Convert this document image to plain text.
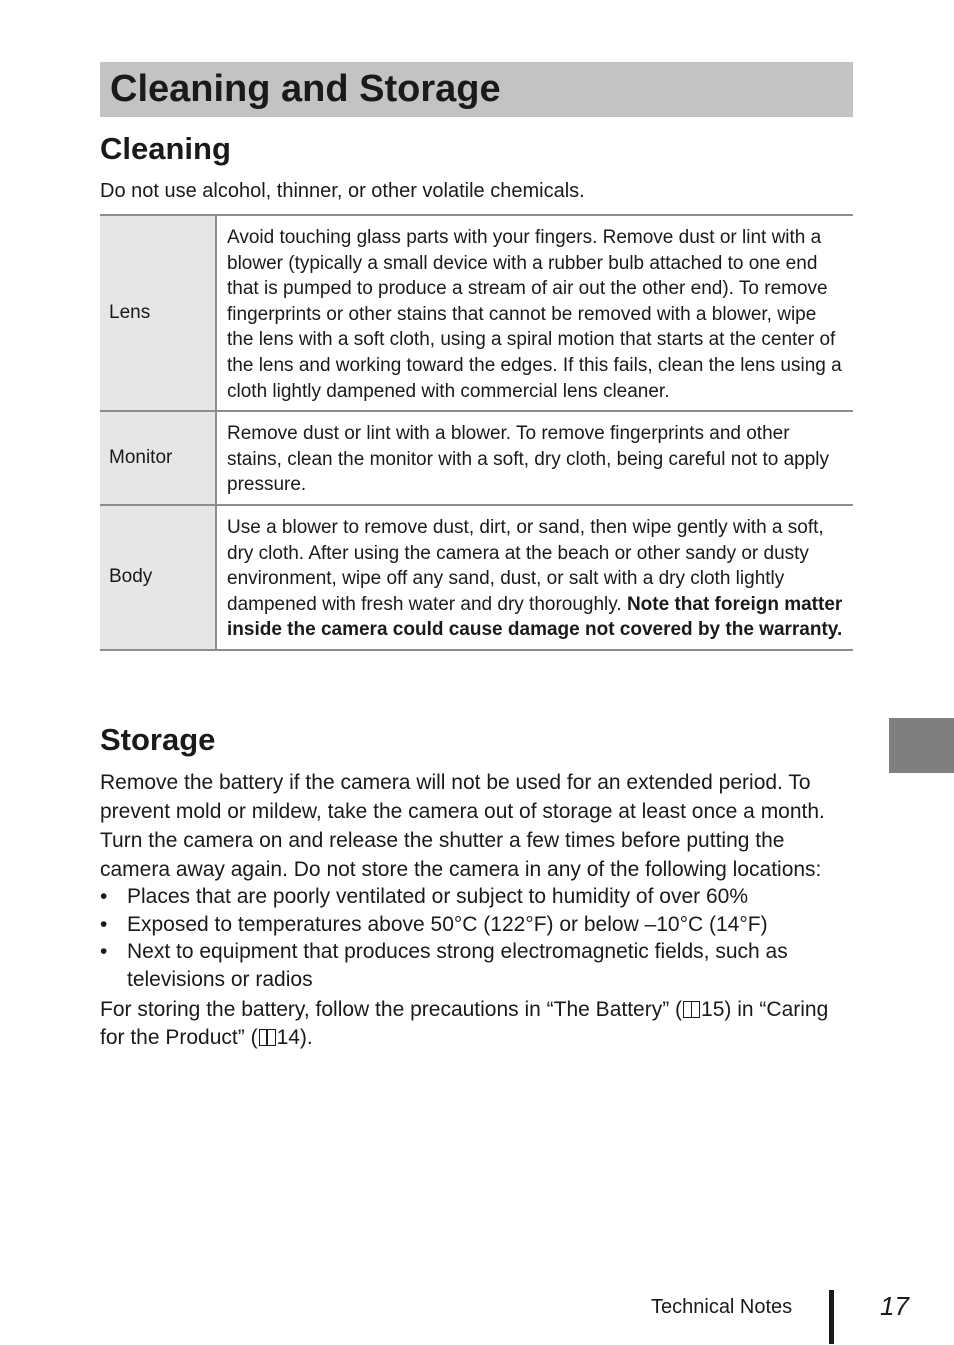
Cleaning and Storage
Cleaning

Do not use alcohol, thinner, or other volatile chemicals.

Lens	Avoid touching glass parts with your fingers. Remove dust or lint with a blower (typically a small device with a rubber bulb attached to one end that is pumped to produce a stream of air out the other end). To remove fingerprints or other stains that cannot be removed with a blower, wipe the lens with a soft cloth, using a spiral motion that starts at the center of the lens and working toward the edges. If this fails, clean the lens using a cloth lightly dampened with commercial lens cleaner.
Monitor	Remove dust or lint with a blower. To remove fingerprints and other stains, clean the monitor with a soft, dry cloth, being careful not to apply pressure.
Body	Use a blower to remove dust, dirt, or sand, then wipe gently with a soft, dry cloth. After using the camera at the beach or other sandy or dusty environment, wipe off any sand, dust, or salt with a dry cloth lightly dampened with fresh water and dry thoroughly. Note that foreign matter inside the camera could cause damage not covered by the warranty.
Storage

Remove the battery if the camera will not be used for an extended period. To prevent mold or mildew, take the camera out of storage at least once a month. Turn the camera on and release the shutter a few times before putting the camera away again. Do not store the camera in any of the following locations:

• Places that are poorly ventilated or subject to humidity of over 60%
• Exposed to temperatures above 50°C (122°F) or below –10°C (14°F)
• Next to equipment that produces strong electromagnetic fields, such as televisions or radios

For storing the battery, follow the precautions in “The Battery” ( 15) in “Caring for the Product” ( 14).

Technical Notes	17
